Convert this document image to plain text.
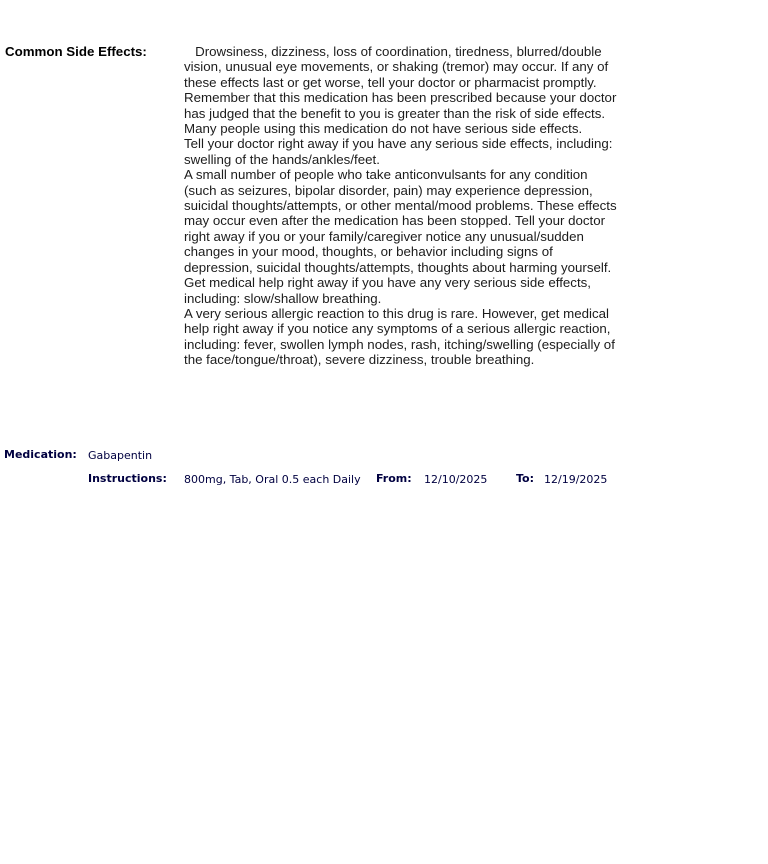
Common Side Effects:	Drowsiness, dizziness, loss of coordination, tiredness, blurred/double vision, unusual eye movements, or shaking (tremor) may occur. If any of these effects last or get worse, tell your doctor or pharmacist promptly.
Remember that this medication has been prescribed because your doctor has judged that the benefit to you is greater than the risk of side effects. Many people using this medication do not have serious side effects.
Tell your doctor right away if you have any serious side effects, including: swelling of the hands/ankles/feet.
A small number of people who take anticonvulsants for any condition (such as seizures, bipolar disorder, pain) may experience depression, suicidal thoughts/attempts, or other mental/mood problems. These effects may occur even after the medication has been stopped. Tell your doctor right away if you or your family/caregiver notice any unusual/sudden changes in your mood, thoughts, or behavior including signs of depression, suicidal thoughts/attempts, thoughts about harming yourself.
Get medical help right away if you have any very serious side effects, including: slow/shallow breathing.
A very serious allergic reaction to this drug is rare. However, get medical help right away if you notice any symptoms of a serious allergic reaction, including: fever, swollen lymph nodes, rash, itching/swelling (especially of the face/tongue/throat), severe dizziness, trouble breathing.
Medication: Gabapentin
Instructions: 800mg, Tab, Oral 0.5 each Daily From: 12/10/2025	To: 12/19/2025
